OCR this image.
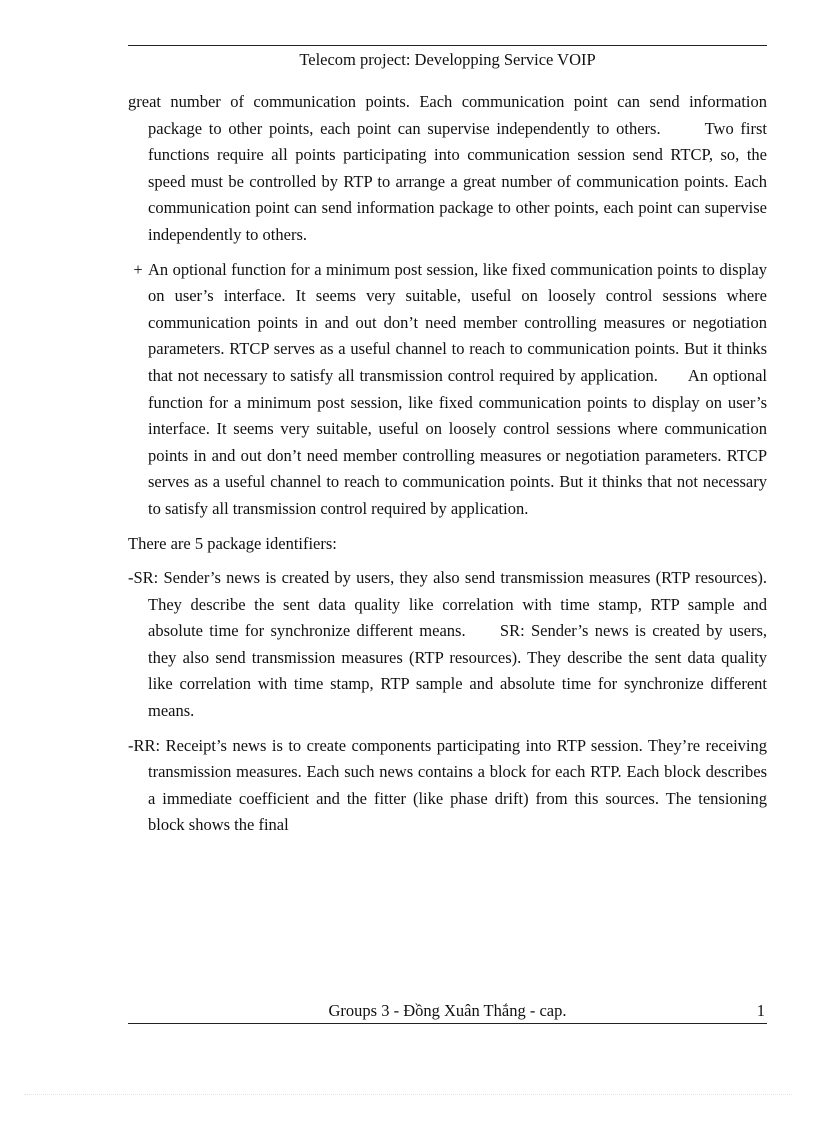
Telecom project: Developping Service VOIP

great number of communication points. Each communication point can send information package to other points, each point can supervise independently to others.	Two first functions require all points participating into communication session send RTCP, so, the speed must be controlled by RTP to arrange a great number of communication points. Each communication point can send information package to other points, each point can supervise independently to others.

+ An optional function for a minimum post session, like fixed communication points to display on user’s interface. It seems very suitable, useful on loosely control sessions where communication points in and out don’t need member controlling measures or negotiation parameters. RTCP serves as a useful channel to reach to communication points. But it thinks that not necessary to satisfy all transmission control required by application. An optional function for a minimum post session, like fixed communication points to display on user’s interface. It seems very suitable, useful on loosely control sessions where communication points in and out don’t need member controlling measures or negotiation parameters. RTCP serves as a useful channel to reach to communication points. But it thinks that not necessary to satisfy all transmission control required by application.

There are 5 package identifiers:

-SR: Sender’s news is created by users, they also send transmission measures (RTP resources). They describe the sent data quality like correlation with time stamp, RTP sample and absolute time for synchronize different means. SR: Sender’s news is created by users, they also send transmission measures (RTP resources). They describe the sent data quality like correlation with time stamp, RTP sample and absolute time for synchronize different means.

-RR: Receipt’s news is to create components participating into RTP session. They’re receiving transmission measures. Each such news contains a block for each RTP. Each block describes a immediate coefficient and the fitter (like phase drift) from this sources. The tensioning block shows the final

Groups 3 - Đồng Xuân Thắng - cap.	1
